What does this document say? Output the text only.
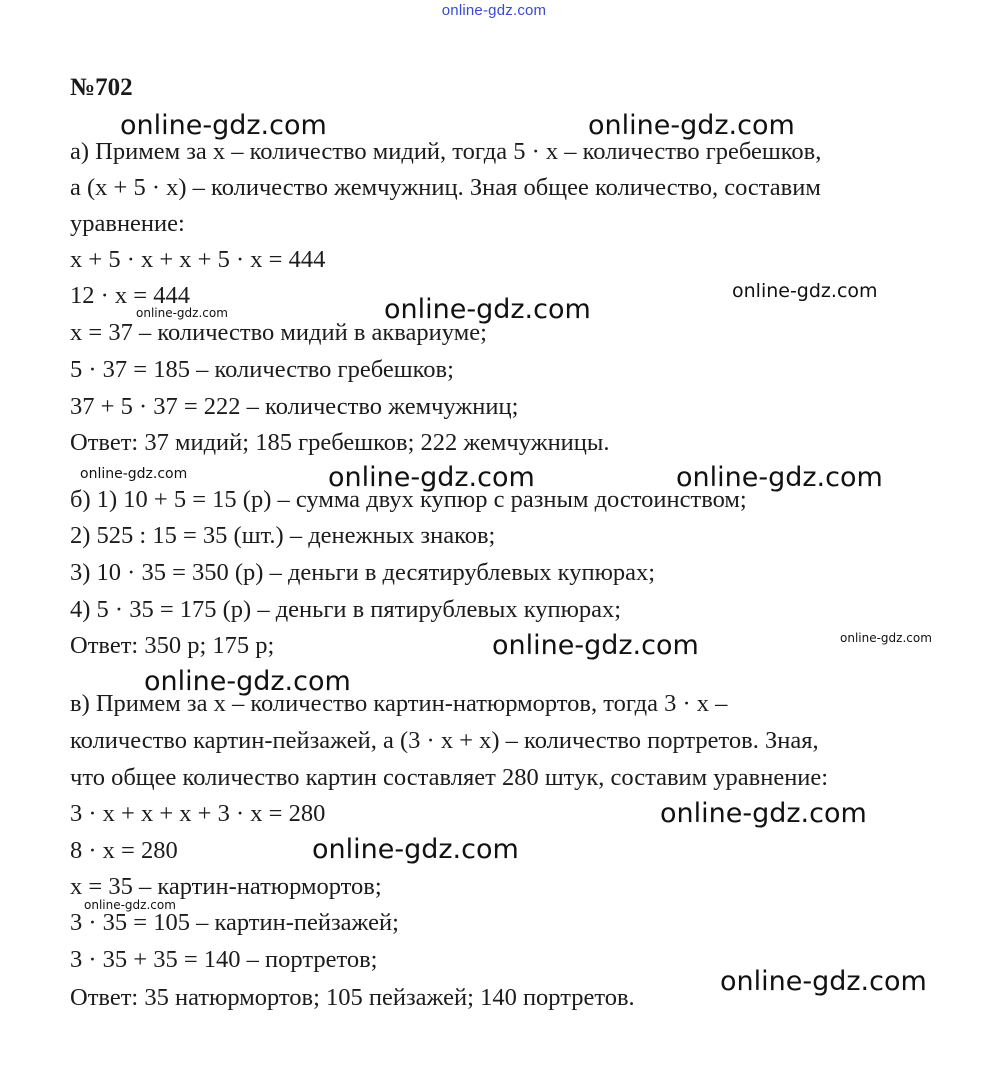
online-gdz.com
№702
а) Примем за х – количество мидий, тогда 5 · х – количество гребешков,
а (х + 5 · х) – количество жемчужниц. Зная общее количество, составим
уравнение:
х + 5 · х + х + 5 · х = 444
12 · х = 444
х = 37 – количество мидий в аквариуме;
5 · 37 = 185 – количество гребешков;
37 + 5 · 37 = 222 – количество жемчужниц;
Ответ: 37 мидий; 185 гребешков; 222 жемчужницы.
б) 1) 10 + 5 = 15 (р) – сумма двух купюр с разным достоинством;
2) 525 : 15 = 35 (шт.) – денежных знаков;
3) 10 · 35 = 350 (р) – деньги в десятирублевых купюрах;
4) 5 · 35 = 175 (р) – деньги в пятирублевых купюрах;
Ответ: 350 р; 175 р;
в) Примем за х – количество картин-натюрмортов, тогда 3 · х –
количество картин-пейзажей, а (3 · х + х) – количество портретов. Зная,
что общее количество картин составляет 280 штук, составим уравнение:
3 · х + х + х + 3 · х = 280
8 · х = 280
х = 35 – картин-натюрмортов;
3 · 35 = 105 – картин-пейзажей;
3 · 35 + 35 = 140 – портретов;
Ответ: 35 натюрмортов; 105 пейзажей; 140 портретов.
online-gdz.com	online-gdz.com
online-gdz.com
online-gdz.com
online-gdz.com
online-gdz.com	online-gdz.com	online-gdz.com
online-gdz.com	online-gdz.com
online-gdz.com
online-gdz.com
online-gdz.com
online-gdz.com
online-gdz.com
